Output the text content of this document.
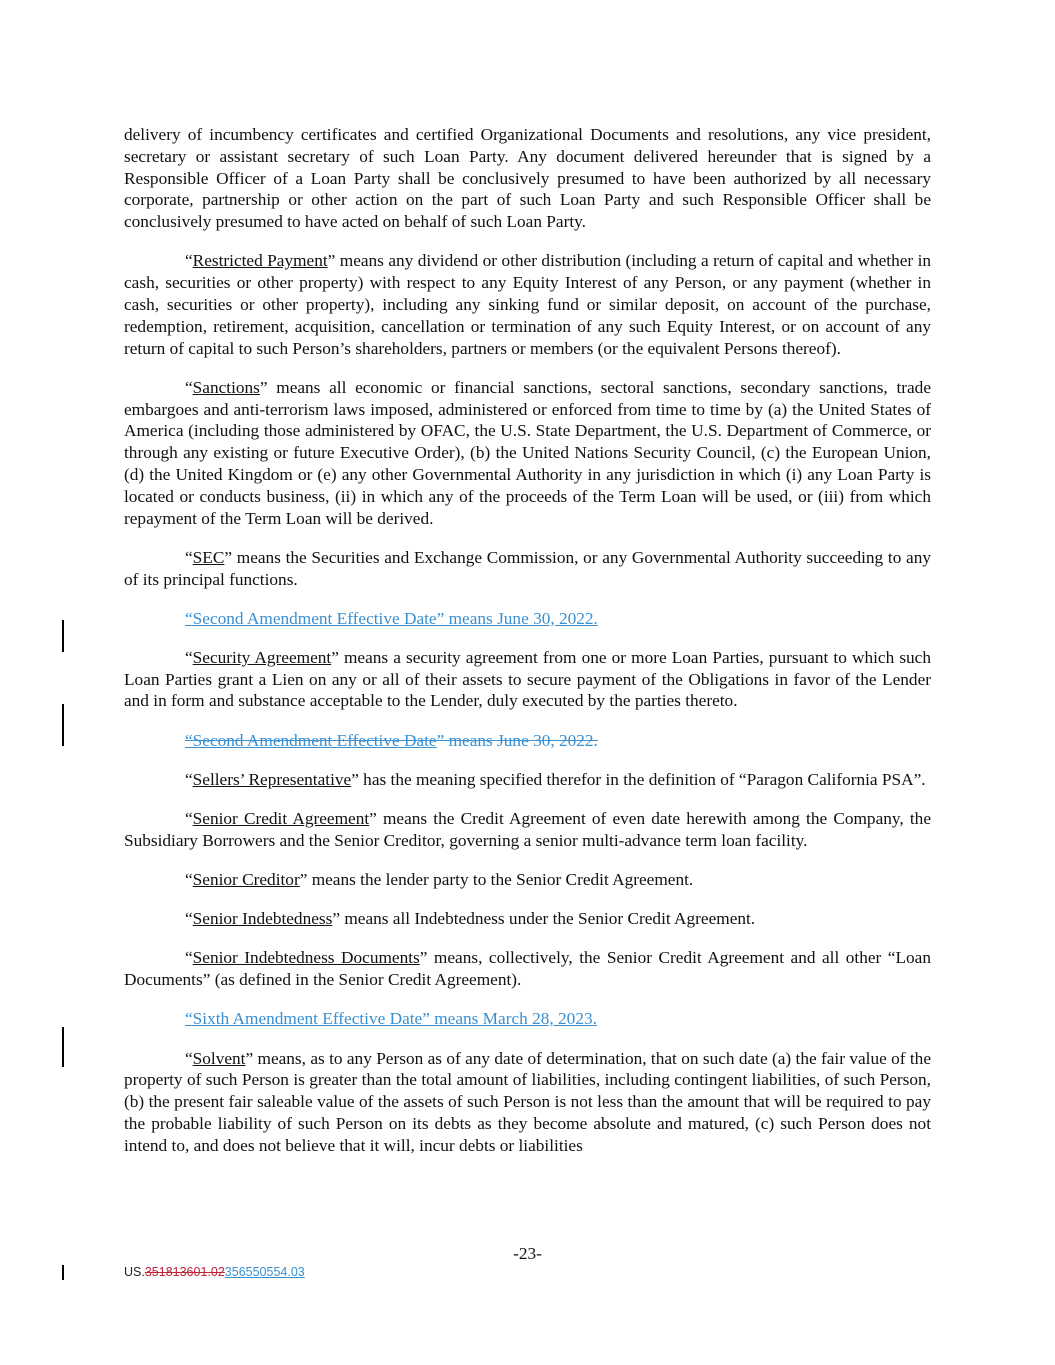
delivery of incumbency certificates and certified Organizational Documents and resolutions, any vice president, secretary or assistant secretary of such Loan Party. Any document delivered hereunder that is signed by a Responsible Officer of a Loan Party shall be conclusively presumed to have been authorized by all necessary corporate, partnership or other action on the part of such Loan Party and such Responsible Officer shall be conclusively presumed to have acted on behalf of such Loan Party.

“Restricted Payment” means any dividend or other distribution (including a return of capital and whether in cash, securities or other property) with respect to any Equity Interest of any Person, or any payment (whether in cash, securities or other property), including any sinking fund or similar deposit, on account of the purchase, redemption, retirement, acquisition, cancellation or termination of any such Equity Interest, or on account of any return of capital to such Person’s shareholders, partners or members (or the equivalent Persons thereof).

“Sanctions” means all economic or financial sanctions, sectoral sanctions, secondary sanctions, trade embargoes and anti-terrorism laws imposed, administered or enforced from time to time by (a) the United States of America (including those administered by OFAC, the U.S. State Department, the U.S. Department of Commerce, or through any existing or future Executive Order), (b) the United Nations Security Council, (c) the European Union, (d) the United Kingdom or (e) any other Governmental Authority in any jurisdiction in which (i) any Loan Party is located or conducts business, (ii) in which any of the proceeds of the Term Loan will be used, or (iii) from which repayment of the Term Loan will be derived.

“SEC” means the Securities and Exchange Commission, or any Governmental Authority succeeding to any of its principal functions.

“Second Amendment Effective Date” means June 30, 2022.

“Security Agreement” means a security agreement from one or more Loan Parties, pursuant to which such Loan Parties grant a Lien on any or all of their assets to secure payment of the Obligations in favor of the Lender and in form and substance acceptable to the Lender, duly executed by the parties thereto.

“Second Amendment Effective Date” means June 30, 2022.

“Sellers’ Representative” has the meaning specified therefor in the definition of “Paragon California PSA”.

“Senior Credit Agreement” means the Credit Agreement of even date herewith among the Company, the Subsidiary Borrowers and the Senior Creditor, governing a senior multi-advance term loan facility.

“Senior Creditor” means the lender party to the Senior Credit Agreement.

“Senior Indebtedness” means all Indebtedness under the Senior Credit Agreement.

“Senior Indebtedness Documents” means, collectively, the Senior Credit Agreement and all other “Loan Documents” (as defined in the Senior Credit Agreement).

“Sixth Amendment Effective Date” means March 28, 2023.

“Solvent” means, as to any Person as of any date of determination, that on such date (a) the fair value of the property of such Person is greater than the total amount of liabilities, including contingent liabilities, of such Person, (b) the present fair saleable value of the assets of such Person is not less than the amount that will be required to pay the probable liability of such Person on its debts as they become absolute and matured, (c) such Person does not intend to, and does not believe that it will, incur debts or liabilities

-23-
US.351813601.02356550554.03
